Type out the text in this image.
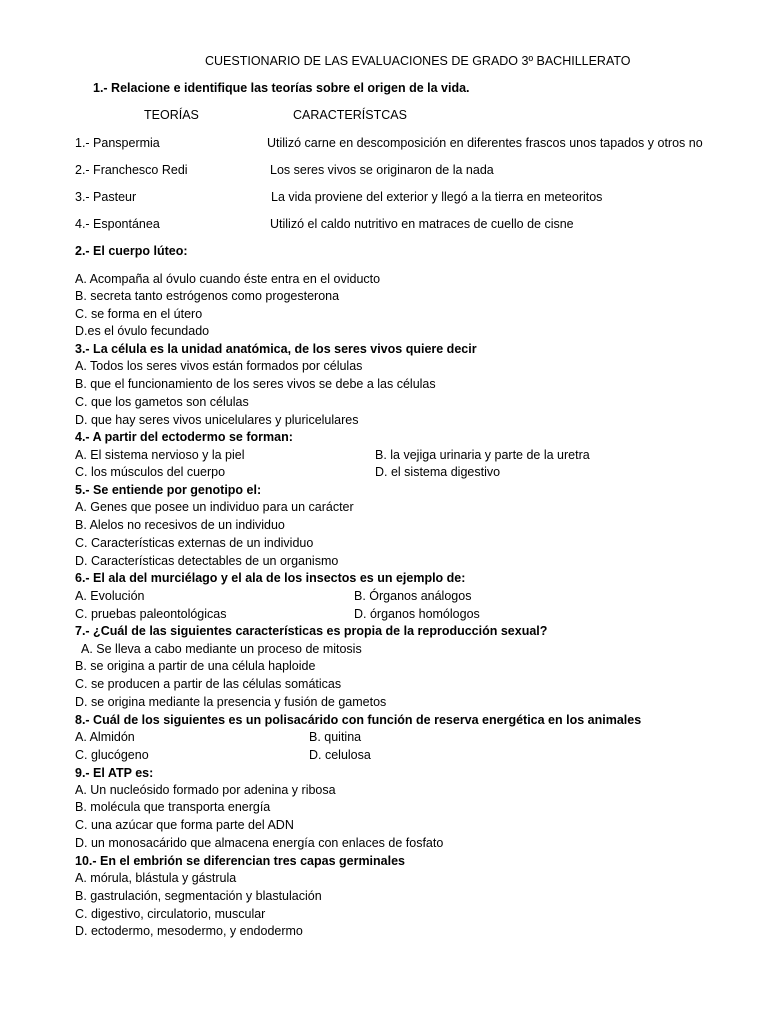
CUESTIONARIO DE LAS EVALUACIONES DE GRADO 3º BACHILLERATO
1.- Relacione e identifique las teorías sobre el origen de la vida.
TEORÍAS	CARACTERÍSTCAS
1.- Panspermia	Utilizó carne en descomposición en diferentes frascos unos tapados y otros no
2.- Franchesco Redi	Los seres vivos se originaron de la nada
3.- Pasteur	La vida proviene del exterior y llegó a la tierra en meteoritos
4.- Espontánea	Utilizó el caldo nutritivo en matraces de cuello de cisne
2.- El cuerpo lúteo:
A. Acompaña al óvulo cuando éste entra en el oviducto
B. secreta tanto estrógenos como progesterona
C. se forma en el útero
D.es el óvulo fecundado
3.- La célula es la unidad anatómica, de los seres vivos quiere decir
A. Todos los seres vivos están formados por células
B. que el funcionamiento de los seres vivos se debe a las células
C. que los gametos son células
D. que hay seres vivos unicelulares y pluricelulares
4.- A partir del ectodermo se forman:
A. El sistema nervioso y la piel	B. la vejiga urinaria y parte de la uretra
C. los músculos del cuerpo	D. el sistema digestivo
5.- Se entiende por genotipo el:
A. Genes que posee un individuo para un carácter
B. Alelos no recesivos de un individuo
C. Características externas de un individuo
D. Características detectables de un organismo
6.- El ala del murciélago y el ala de los insectos es un ejemplo de:
A. Evolución	B. Órganos análogos
C. pruebas paleontológicas	D. órganos homólogos
7.- ¿Cuál de las siguientes características es propia de la reproducción sexual?
A. Se lleva a cabo mediante un proceso de mitosis
B. se origina a partir de una célula haploide
C. se producen a partir de las células somáticas
D. se origina mediante la presencia y fusión de gametos
8.- Cuál de los siguientes es un polisacárido con función de reserva energética en los animales
A. Almidón	B. quitina
C. glucógeno	D. celulosa
9.- El ATP es:
A. Un nucleósido formado por adenina y ribosa
B. molécula que transporta energía
C. una azúcar que forma parte del ADN
D. un monosacárido que almacena energía con enlaces de fosfato
10.- En el embrión se diferencian tres capas germinales
A. mórula, blástula y gástrula
B. gastrulación, segmentación y blastulación
C. digestivo, circulatorio, muscular
D. ectodermo, mesodermo, y endodermo
